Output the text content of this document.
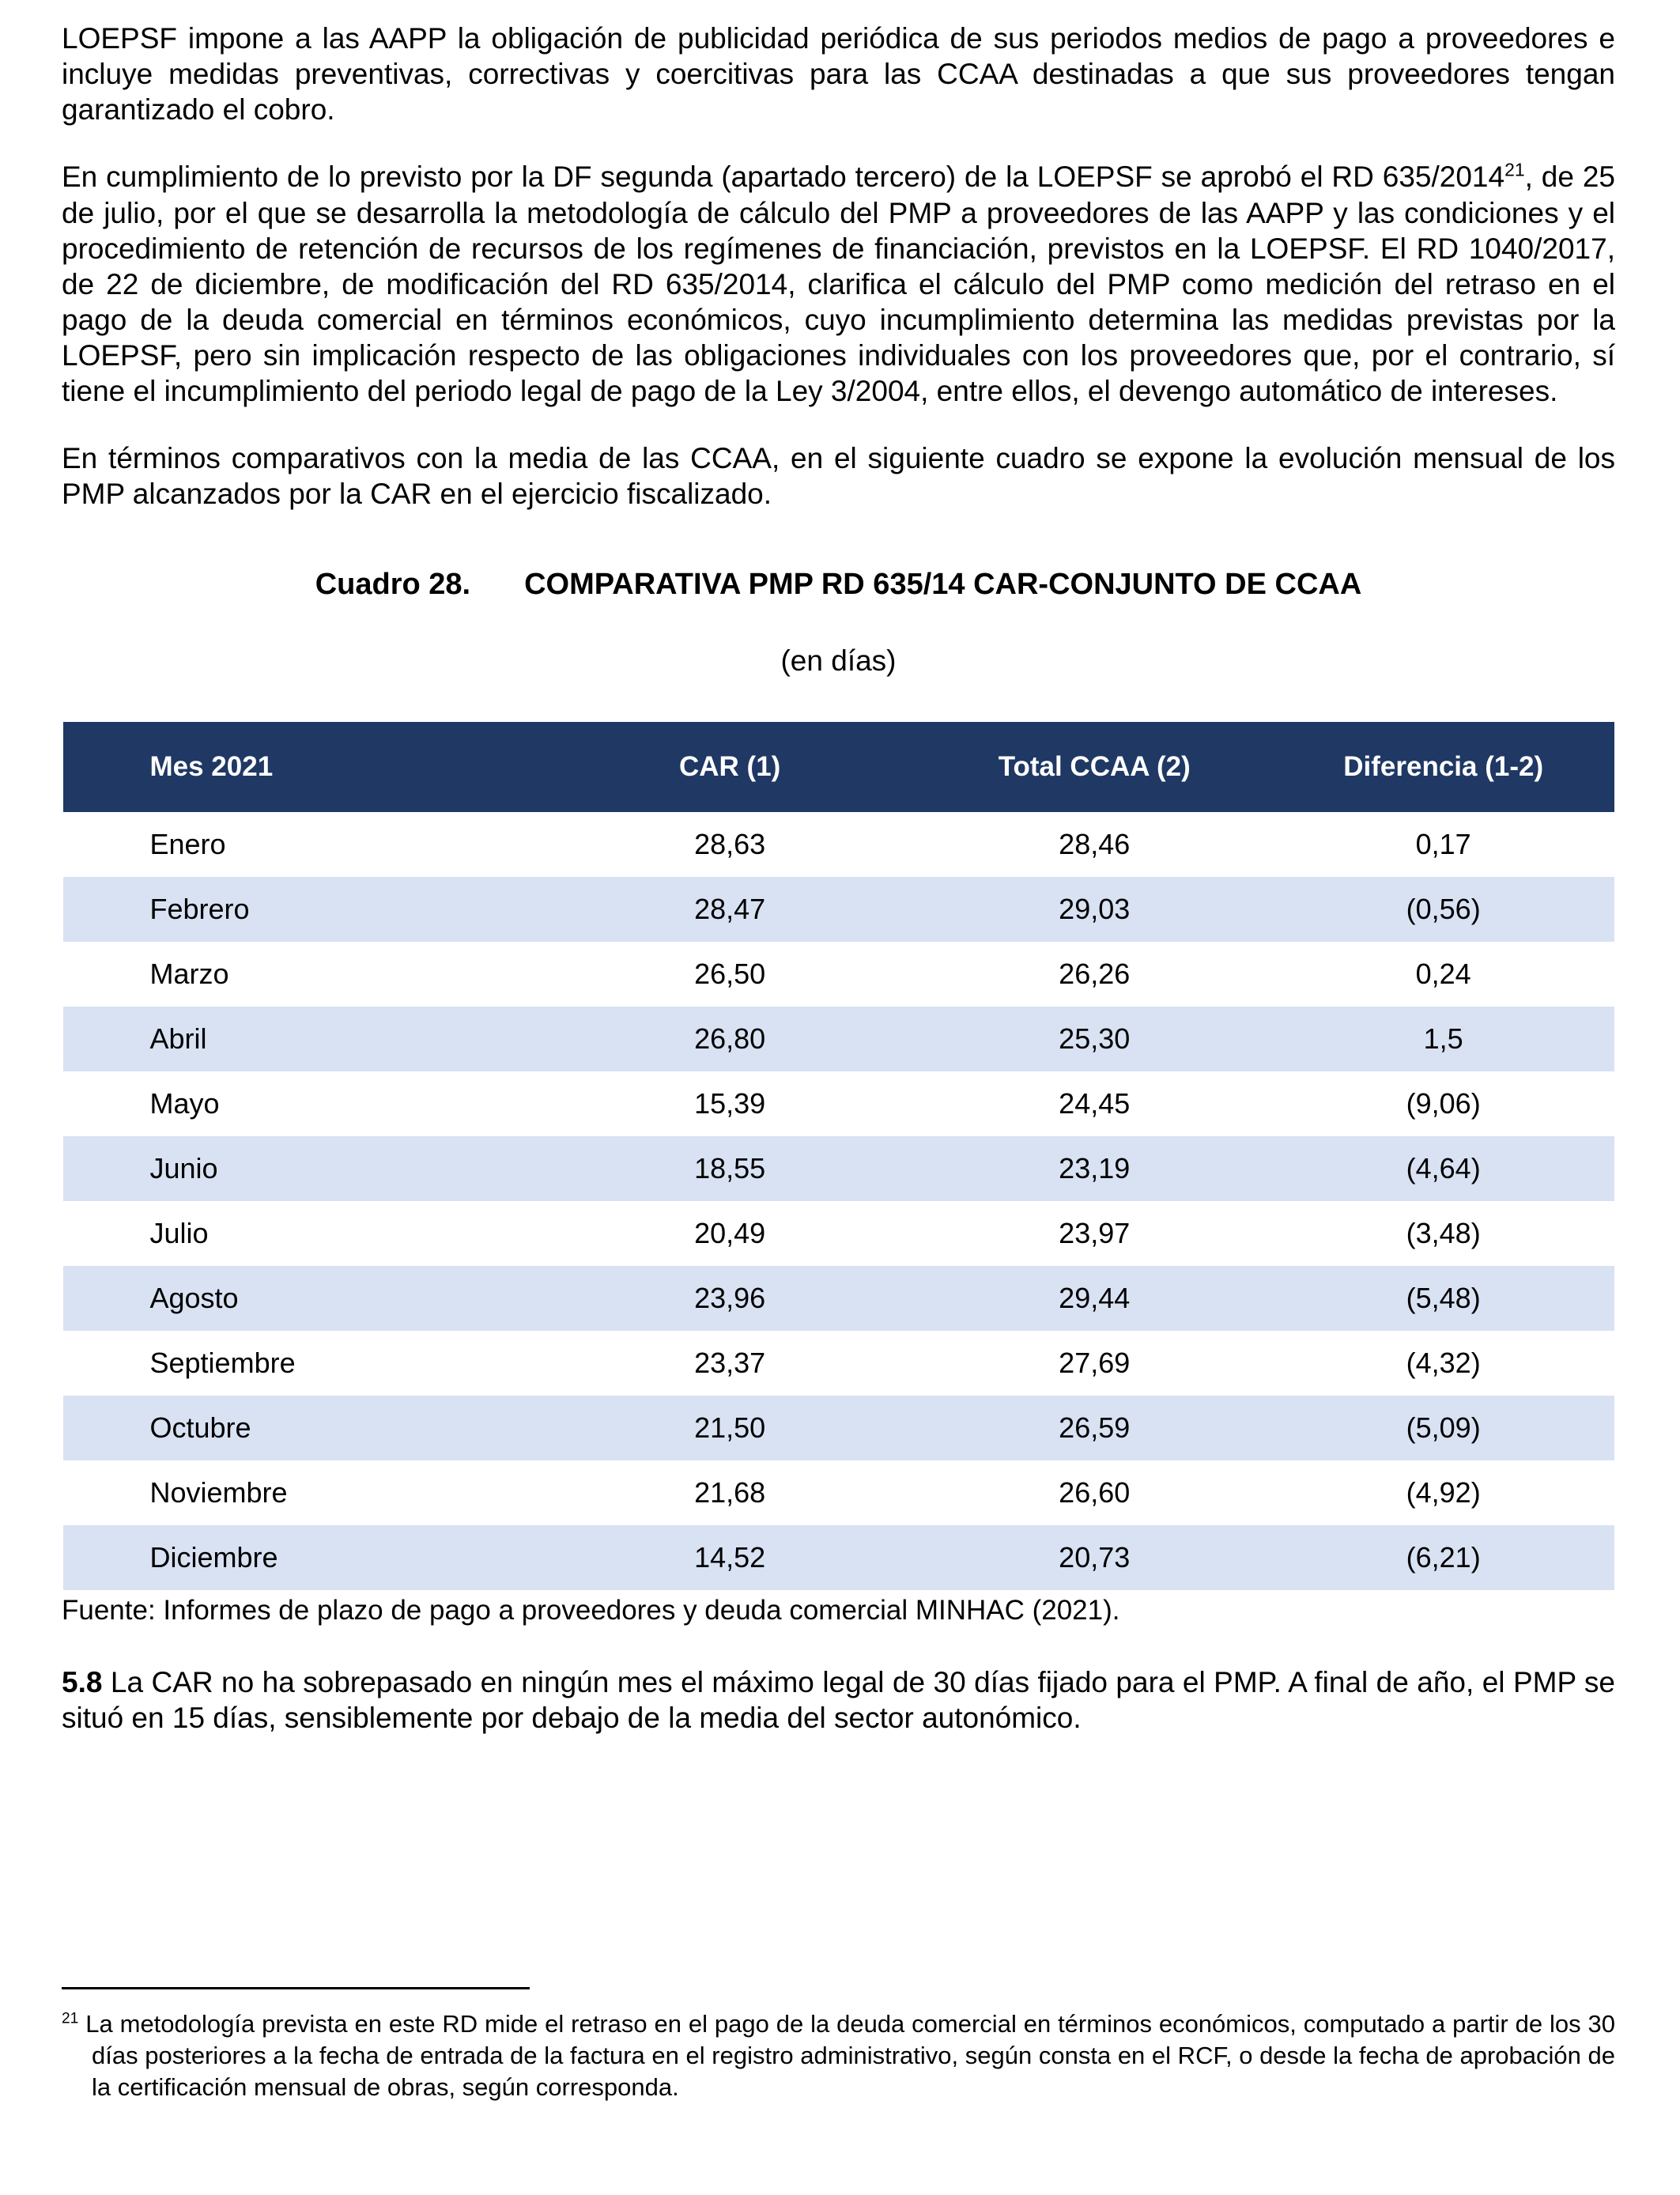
LOEPSF impone a las AAPP la obligación de publicidad periódica de sus periodos medios de pago a proveedores e incluye medidas preventivas, correctivas y coercitivas para las CCAA destinadas a que sus proveedores tengan garantizado el cobro.

En cumplimiento de lo previsto por la DF segunda (apartado tercero) de la LOEPSF se aprobó el RD 635/2014$^{21}$, de 25 de julio, por el que se desarrolla la metodología de cálculo del PMP a proveedores de las AAPP y las condiciones y el procedimiento de retención de recursos de los regímenes de financiación, previstos en la LOEPSF. El RD 1040/2017, de 22 de diciembre, de modificación del RD 635/2014, clarifica el cálculo del PMP como medición del retraso en el pago de la deuda comercial en términos económicos, cuyo incumplimiento determina las medidas previstas por la LOEPSF, pero sin implicación respecto de las obligaciones individuales con los proveedores que, por el contrario, sí tiene el incumplimiento del periodo legal de pago de la Ley 3/2004, entre ellos, el devengo automático de intereses.

En términos comparativos con la media de las CCAA, en el siguiente cuadro se expone la evolución mensual de los PMP alcanzados por la CAR en el ejercicio fiscalizado.

Cuadro 28. COMPARATIVA PMP RD 635/14 CAR-CONJUNTO DE CCAA
(en días)
Mes 2021	CAR (1)	Total CCAA (2)	Diferencia (1-2)
Enero	28,63	28,46	0,17
Febrero	28,47	29,03	(0,56)
Marzo	26,50	26,26	0,24
Abril	26,80	25,30	1,5
Mayo	15,39	24,45	(9,06)
Junio	18,55	23,19	(4,64)
Julio	20,49	23,97	(3,48)
Agosto	23,96	29,44	(5,48)
Septiembre	23,37	27,69	(4,32)
Octubre	21,50	26,59	(5,09)
Noviembre	21,68	26,60	(4,92)
Diciembre	14,52	20,73	(6,21)

Fuente: Informes de plazo de pago a proveedores y deuda comercial MINHAC (2021).

5.8 La CAR no ha sobrepasado en ningún mes el máximo legal de 30 días fijado para el PMP. A final de año, el PMP se situó en 15 días, sensiblemente por debajo de la media del sector autonómico.

$^{21}$ La metodología prevista en este RD mide el retraso en el pago de la deuda comercial en términos económicos, computado a partir de los 30 días posteriores a la fecha de entrada de la factura en el registro administrativo, según consta en el RCF, o desde la fecha de aprobación de la certificación mensual de obras, según corresponda.
